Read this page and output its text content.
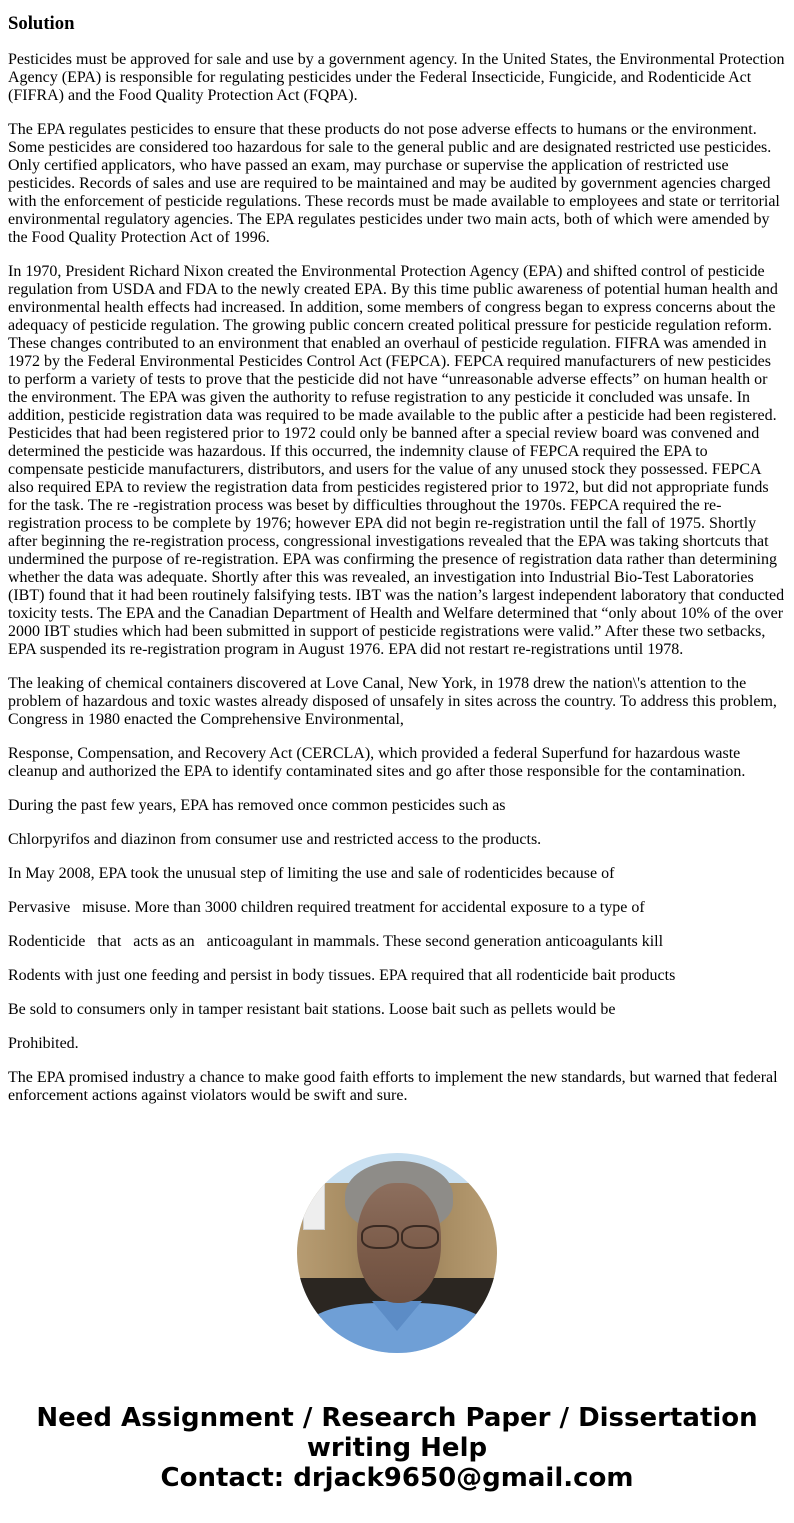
Solution

Pesticides must be approved for sale and use by a government agency. In the United States, the Environmental Protection Agency (EPA) is responsible for regulating pesticides under the Federal Insecticide, Fungicide, and Rodenticide Act (FIFRA) and the Food Quality Protection Act (FQPA).

The EPA regulates pesticides to ensure that these products do not pose adverse effects to humans or the environment. Some pesticides are considered too hazardous for sale to the general public and are designated restricted use pesticides. Only certified applicators, who have passed an exam, may purchase or supervise the application of restricted use pesticides. Records of sales and use are required to be maintained and may be audited by government agencies charged with the enforcement of pesticide regulations. These records must be made available to employees and state or territorial environmental regulatory agencies. The EPA regulates pesticides under two main acts, both of which were amended by the Food Quality Protection Act of 1996.

In 1970, President Richard Nixon created the Environmental Protection Agency (EPA) and shifted control of pesticide regulation from USDA and FDA to the newly created EPA. By this time public awareness of potential human health and environmental health effects had increased. In addition, some members of congress began to express concerns about the adequacy of pesticide regulation. The growing public concern created political pressure for pesticide regulation reform. These changes contributed to an environment that enabled an overhaul of pesticide regulation. FIFRA was amended in 1972 by the Federal Environmental Pesticides Control Act (FEPCA). FEPCA required manufacturers of new pesticides to perform a variety of tests to prove that the pesticide did not have “unreasonable adverse effects” on human health or the environment. The EPA was given the authority to refuse registration to any pesticide it concluded was unsafe. In addition, pesticide registration data was required to be made available to the public after a pesticide had been registered. Pesticides that had been registered prior to 1972 could only be banned after a special review board was convened and determined the pesticide was hazardous. If this occurred, the indemnity clause of FEPCA required the EPA to compensate pesticide manufacturers, distributors, and users for the value of any unused stock they possessed. FEPCA also required EPA to review the registration data from pesticides registered prior to 1972, but did not appropriate funds for the task. The re -registration process was beset by difficulties throughout the 1970s. FEPCA required the re-registration process to be complete by 1976; however EPA did not begin re-registration until the fall of 1975. Shortly after beginning the re-registration process, congressional investigations revealed that the EPA was taking shortcuts that undermined the purpose of re-registration. EPA was confirming the presence of registration data rather than determining whether the data was adequate. Shortly after this was revealed, an investigation into Industrial Bio-Test Laboratories (IBT) found that it had been routinely falsifying tests. IBT was the nation’s largest independent laboratory that conducted toxicity tests. The EPA and the Canadian Department of Health and Welfare determined that “only about 10% of the over 2000 IBT studies which had been submitted in support of pesticide registrations were valid.” After these two setbacks, EPA suspended its re-registration program in August 1976. EPA did not restart re-registrations until 1978.

The leaking of chemical containers discovered at Love Canal, New York, in 1978 drew the nation\'s attention to the problem of hazardous and toxic wastes already disposed of unsafely in sites across the country. To address this problem, Congress in 1980 enacted the Comprehensive Environmental,

Response, Compensation, and Recovery Act (CERCLA), which provided a federal Superfund for hazardous waste cleanup and authorized the EPA to identify contaminated sites and go after those responsible for the contamination.

During the past few years, EPA has removed once common pesticides such as

Chlorpyrifos and diazinon from consumer use and restricted access to the products.

In May 2008, EPA took the unusual step of limiting the use and sale of rodenticides because of

Pervasive   misuse. More than 3000 children required treatment for accidental exposure to a type of

Rodenticide   that   acts as an   anticoagulant in mammals. These second generation anticoagulants kill

Rodents with just one feeding and persist in body tissues. EPA required that all rodenticide bait products

Be sold to consumers only in tamper resistant bait stations. Loose bait such as pellets would be

Prohibited.

The EPA promised industry a chance to make good faith efforts to implement the new standards, but warned that federal enforcement actions against violators would be swift and sure.

Need Assignment / Research Paper / Dissertation
writing Help
Contact: drjack9650@gmail.com
